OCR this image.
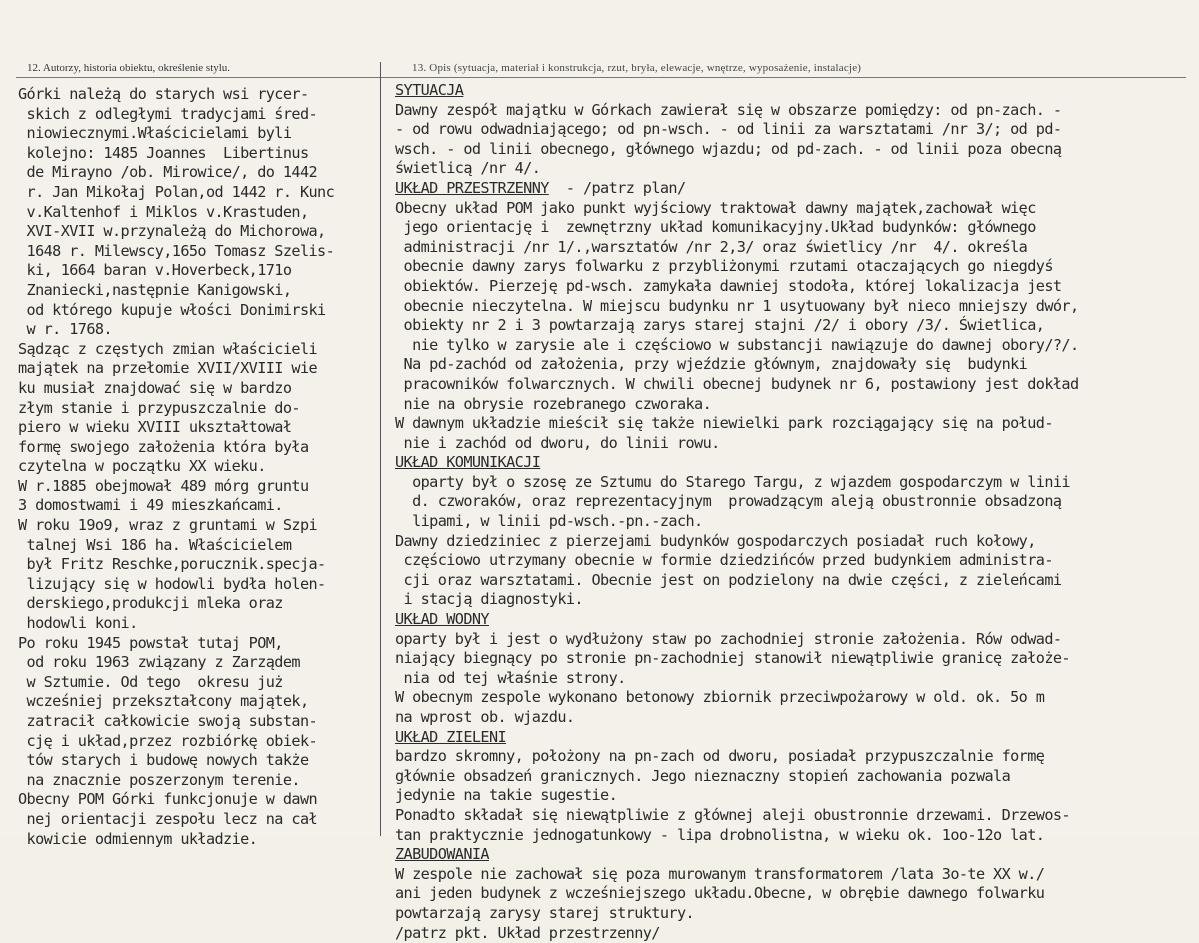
12. Autorzy, historia obiektu, określenie stylu.	13. Opis (sytuacja, materiał i konstrukcja, rzut, bryła, elewacje, wnętrze, wyposażenie, instalacje)
Górki należą do starych wsi rycer-
skich z odległymi tradycjami śred-
niowiecznymi.Właścicielami byli
kolejno: 1485 Joannes  Libertinus
de Mirayno /ob. Mirowice/, do 1442
r. Jan Mikołaj Polan,od 1442 r. Kunc
v.Kaltenhof i Miklos v.Krastuden,
XVI-XVII w.przynależą do Michorowa,
1648 r. Milewscy,165o Tomasz Szelis-
ki, 1664 baran v.Hoverbeck,171o
Znaniecki,następnie Kanigowski,
od którego kupuje włości Donimirski
w r. 1768.
Sądząc z częstych zmian właścicieli
majątek na przełomie XVII/XVIII wie
ku musiał znajdować się w bardzo
złym stanie i przypuszczalnie do-
piero w wieku XVIII ukształtował
formę swojego założenia która była
czytelna w początku XX wieku.
W r.1885 obejmował 489 mórg gruntu
3 domostwami i 49 mieszkańcami.
W roku 19o9, wraz z gruntami w Szpi
talnej Wsi 186 ha. Właścicielem
był Fritz Reschke,porucznik.specja-
lizujący się w hodowli bydła holen-
derskiego,produkcji mleka oraz
hodowli koni.
Po roku 1945 powstał tutaj POM,
od roku 1963 związany z Zarządem
w Sztumie. Od tego  okresu już
wcześniej przekształcony majątek,
zatracił całkowicie swoją substan-
cję i układ,przez rozbiórkę obiek-
tów starych i budowę nowych także
na znacznie poszerzonym terenie.
Obecny POM Górki funkcjonuje w dawn
nej orientacji zespołu lecz na cał
kowicie odmiennym układzie.
SYTUACJA
Dawny zespół majątku w Górkach zawierał się w obszarze pomiędzy: od pn-zach. -
- od rowu odwadniającego; od pn-wsch. - od linii za warsztatami /nr 3/; od pd-
wsch. - od linii obecnego, głównego wjazdu; od pd-zach. - od linii poza obecną
świetlicą /nr 4/.
UKŁAD PRZESTRZENNY  - /patrz plan/
Obecny układ POM jako punkt wyjściowy traktował dawny majątek,zachował więc
jego orientację i  zewnętrzny układ komunikacyjny.Układ budynków: głównego
administracji /nr 1/.,warsztatów /nr 2,3/ oraz świetlicy /nr  4/. określa
obecnie dawny zarys folwarku z przybliżonymi rzutami otaczających go niegdyś
obiektów. Pierzeję pd-wsch. zamykała dawniej stodoła, której lokalizacja jest
obecnie nieczytelna. W miejscu budynku nr 1 usytuowany był nieco mniejszy dwór,
obiekty nr 2 i 3 powtarzają zarys starej stajni /2/ i obory /3/. Świetlica,
nie tylko w zarysie ale i częściowo w substancji nawiązuje do dawnej obory/?/.
Na pd-zachód od założenia, przy wjeździe głównym, znajdowały się  budynki
pracowników folwarcznych. W chwili obecnej budynek nr 6, postawiony jest dokład
nie na obrysie rozebranego czworaka.
W dawnym układzie mieścił się także niewielki park rozciągający się na połud-
nie i zachód od dworu, do linii rowu.
UKŁAD KOMUNIKACJI
oparty był o szosę ze Sztumu do Starego Targu, z wjazdem gospodarczym w linii
d. czworaków, oraz reprezentacyjnym  prowadzącym aleją obustronnie obsadzoną
lipami, w linii pd-wsch.-pn.-zach.
Dawny dziedziniec z pierzejami budynków gospodarczych posiadał ruch kołowy,
częściowo utrzymany obecnie w formie dziedzińców przed budynkiem administra-
cji oraz warsztatami. Obecnie jest on podzielony na dwie części, z zieleńcami
i stacją diagnostyki.
UKŁAD WODNY
oparty był i jest o wydłużony staw po zachodniej stronie założenia. Rów odwad-
niający biegnący po stronie pn-zachodniej stanowił niewątpliwie granicę założe-
nia od tej właśnie strony.
W obecnym zespole wykonano betonowy zbiornik przeciwpożarowy w old. ok. 5o m
na wprost ob. wjazdu.
UKŁAD ZIELENI
bardzo skromny, położony na pn-zach od dworu, posiadał przypuszczalnie formę
głównie obsadzeń granicznych. Jego nieznaczny stopień zachowania pozwala
jedynie na takie sugestie.
Ponadto składał się niewątpliwie z głównej aleji obustronnie drzewami. Drzewos-
tan praktycznie jednogatunkowy - lipa drobnolistna, w wieku ok. 1oo-12o lat.
ZABUDOWANIA
W zespole nie zachował się poza murowanym transformatorem /lata 3o-te XX w./
ani jeden budynek z wcześniejszego układu.Obecne, w obrębie dawnego folwarku
powtarzają zarysy starej struktury.
/patrz pkt. Układ przestrzenny/
